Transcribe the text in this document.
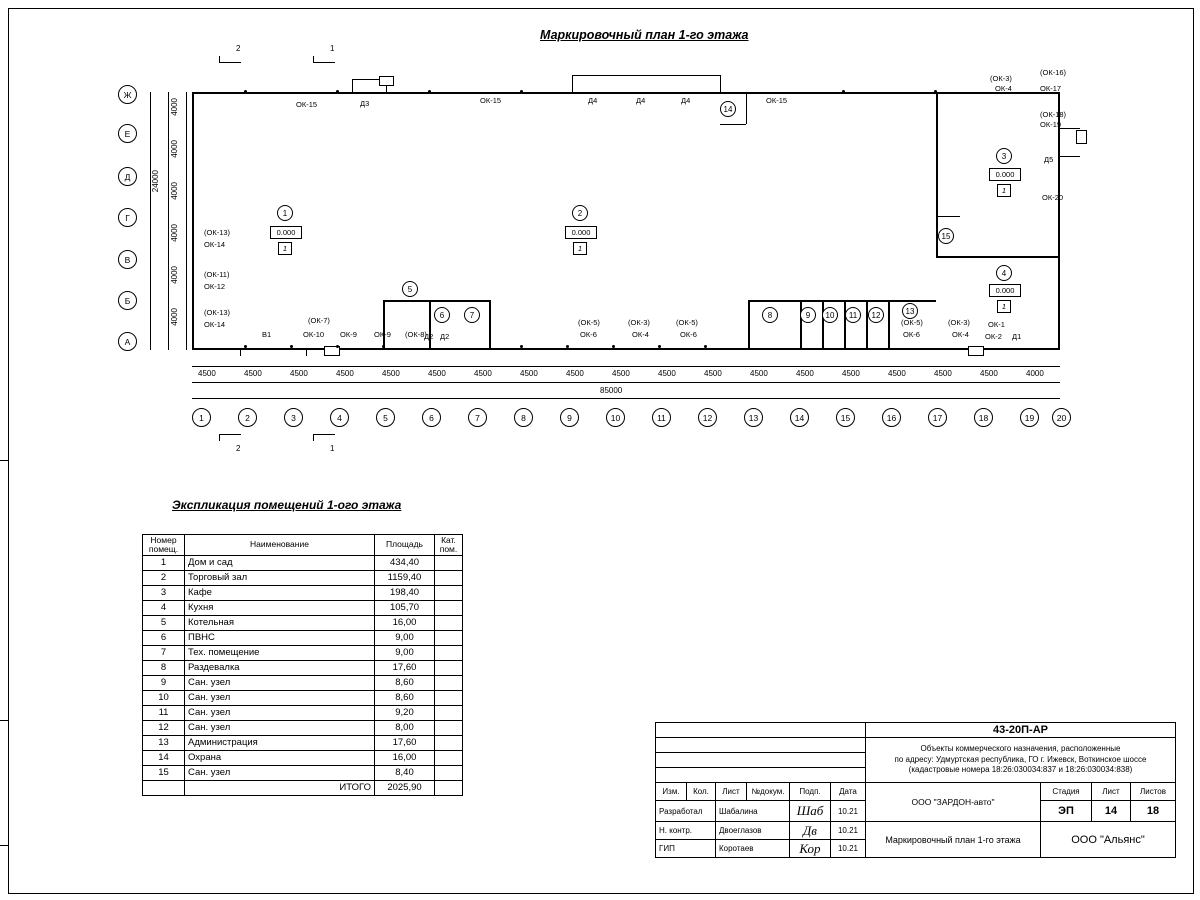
Маркировочный план 1-го этажа
2	1
2	1
1
0.000
1
2
0.000
1
3
0.000
1
4
0.000
1
5
6	7	8	9	10	11	12	13
14
15
ОК-15	ОК-15	ОК-15
Д3	Д4	Д4	Д4
(ОК-3)
(ОК-16)
ОК-4	ОК-17
(ОК-18)
ОК-19
Д5
ОК-20
(ОК-13)
ОК-14
(ОК-11)
ОК-12
(ОК-13)
ОК-14	(ОК-7)
ОК-10 ОК-9 ОК-9 (ОК-8)
В1	Д2 Д2
(ОК-5)
ОК-6
(ОК-3)
ОК-4
(ОК-5)
ОК-6
(ОК-5)
ОК-6
(ОК-3)
ОК-4
ОК-1
ОК-2 Д1
Ж
Е
Д
Г
В
Б
А
4000
4000
4000
4000
4000
4000
24000
85000
4500	4500	4500	4500	4500	4500	4500	4500	4500	4500	4500	4500	4500	4500	4500	4500	4500	4500	4000
1	2	3	4	5	6	7	8	9	10	11	12	13	14	15	16	17	18	19	20
Экспликация помещений 1-ого этажа
Номер помещ.	Наименование	Площадь	Кат. пом.
1	Дом и сад	434,40	
2	Торговый зал	1159,40	
3	Кафе	198,40	
4	Кухня	105,70	
5	Котельная	16,00	
6	ПВНС	9,00	
7	Тех. помещение	9,00	
8	Раздевалка	17,60	
9	Сан. узел	8,60	
10	Сан. узел	8,60	
11	Сан. узел	9,20	
12	Сан. узел	8,00	
13	Администрация	17,60	
14	Охрана	16,00	
15	Сан. узел	8,40	
	ИТОГО	2025,90	
						43-20П-АР			

						Объекты коммерческого назначения, расположенные
по адресу: Удмуртская республика, ГО г. Ижевск, Воткинское шоссе
(кадастровые номера 18:26:030034:837 и 18:26:030034:838)			

Изм.	Кол.	Лист	№докум.	Подп.	Дата	ООО "ЗАРДОН-авто"	Стадия	Лист	Листов
Разработал		Шабалина		Шаб	10.21		ЭП	14	18
Н. контр.		Двоеглазов		Дв	10.21	Маркировочный план 1-го этажа	ООО "Альянс"		
ГИП		Коротаев		Кор	10.21				
